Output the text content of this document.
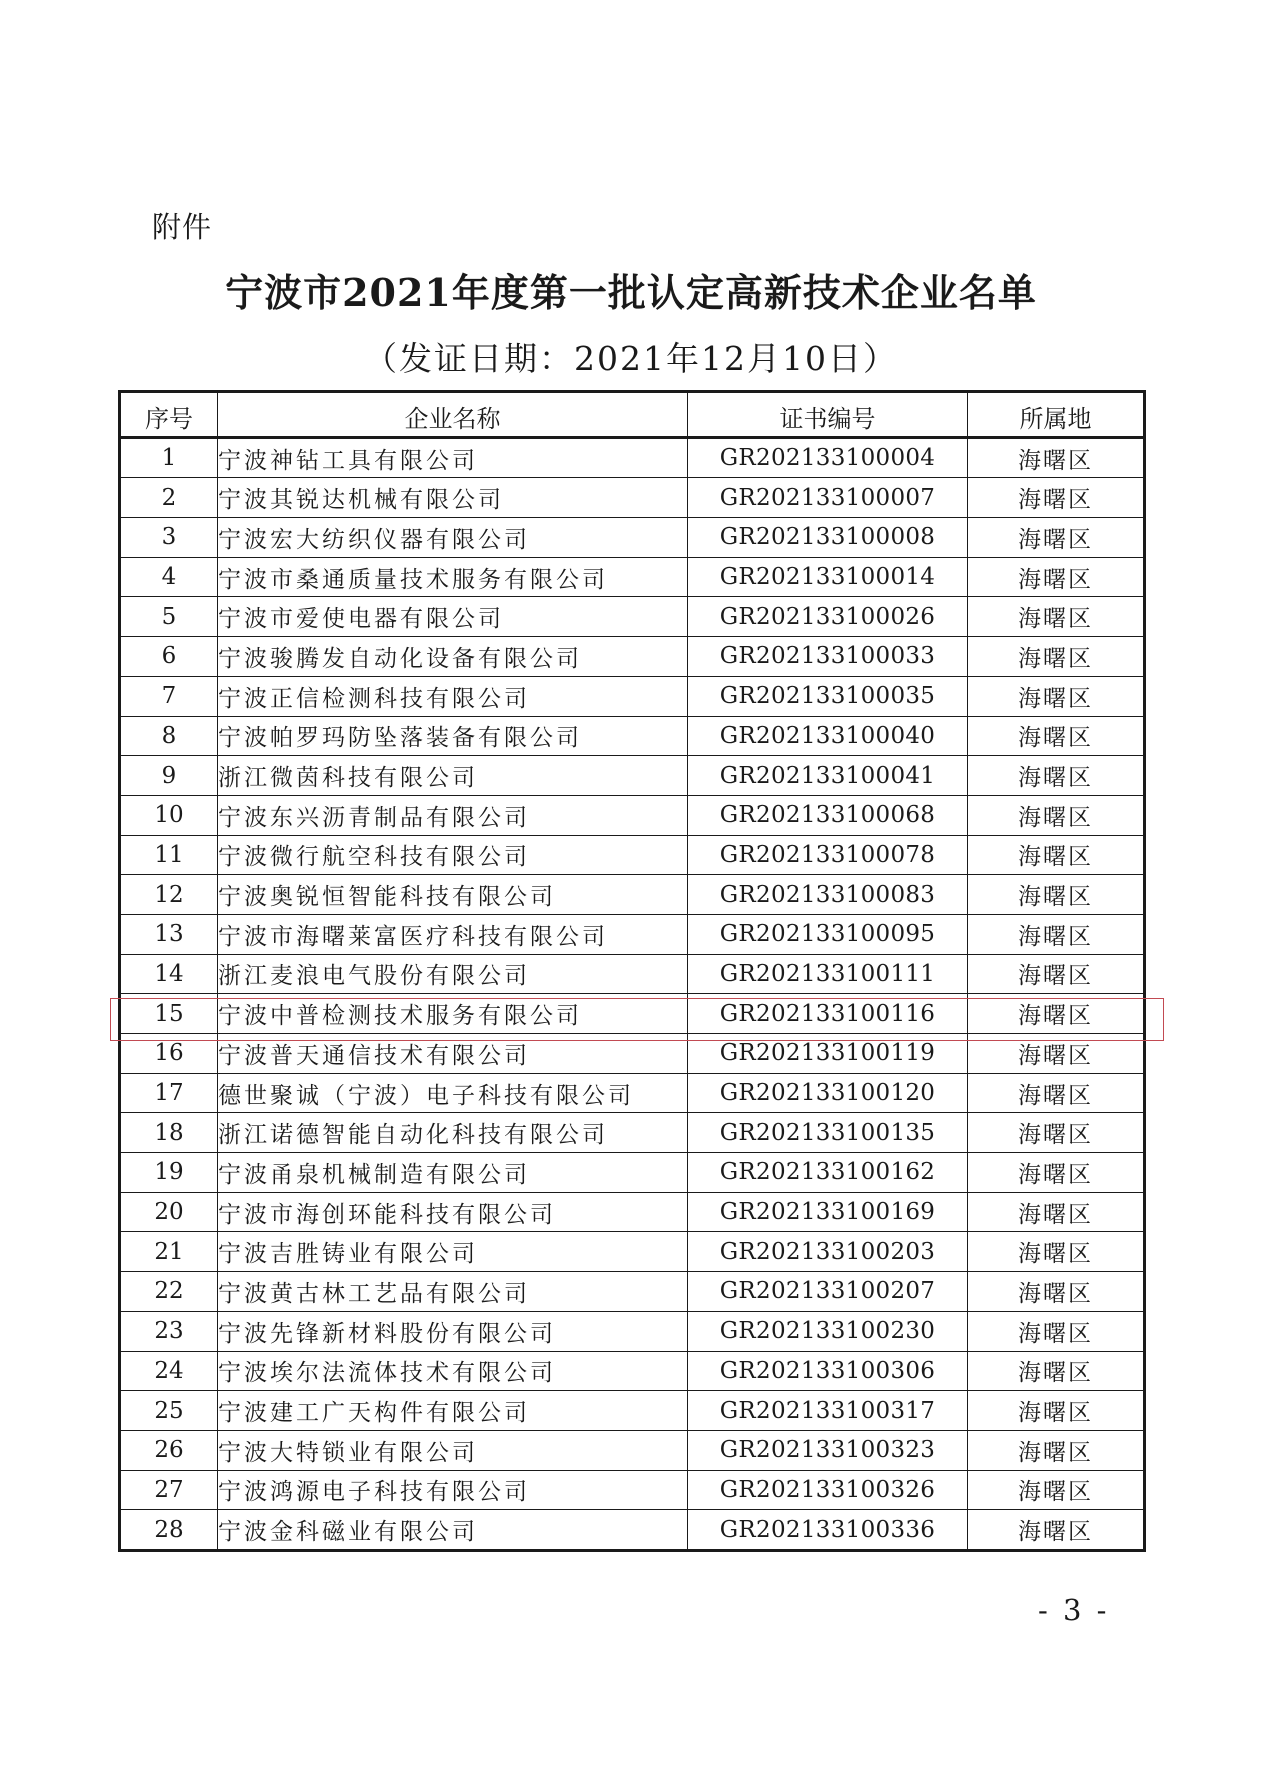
附件
宁波市2021年度第一批认定高新技术企业名单
（发证日期：2021年12月10日）
序号	企业名称	证书编号	所属地
1	宁波神钻工具有限公司	GR202133100004	海曙区
2	宁波其锐达机械有限公司	GR202133100007	海曙区
3	宁波宏大纺织仪器有限公司	GR202133100008	海曙区
4	宁波市桑通质量技术服务有限公司	GR202133100014	海曙区
5	宁波市爱使电器有限公司	GR202133100026	海曙区
6	宁波骏腾发自动化设备有限公司	GR202133100033	海曙区
7	宁波正信检测科技有限公司	GR202133100035	海曙区
8	宁波帕罗玛防坠落装备有限公司	GR202133100040	海曙区
9	浙江微茵科技有限公司	GR202133100041	海曙区
10	宁波东兴沥青制品有限公司	GR202133100068	海曙区
11	宁波微行航空科技有限公司	GR202133100078	海曙区
12	宁波奥锐恒智能科技有限公司	GR202133100083	海曙区
13	宁波市海曙莱富医疗科技有限公司	GR202133100095	海曙区
14	浙江麦浪电气股份有限公司	GR202133100111	海曙区
15	宁波中普检测技术服务有限公司	GR202133100116	海曙区
16	宁波普天通信技术有限公司	GR202133100119	海曙区
17	德世聚诚（宁波）电子科技有限公司	GR202133100120	海曙区
18	浙江诺德智能自动化科技有限公司	GR202133100135	海曙区
19	宁波甬泉机械制造有限公司	GR202133100162	海曙区
20	宁波市海创环能科技有限公司	GR202133100169	海曙区
21	宁波吉胜铸业有限公司	GR202133100203	海曙区
22	宁波黄古林工艺品有限公司	GR202133100207	海曙区
23	宁波先锋新材料股份有限公司	GR202133100230	海曙区
24	宁波埃尔法流体技术有限公司	GR202133100306	海曙区
25	宁波建工广天构件有限公司	GR202133100317	海曙区
26	宁波大特锁业有限公司	GR202133100323	海曙区
27	宁波鸿源电子科技有限公司	GR202133100326	海曙区
28	宁波金科磁业有限公司	GR202133100336	海曙区
- 3 -
